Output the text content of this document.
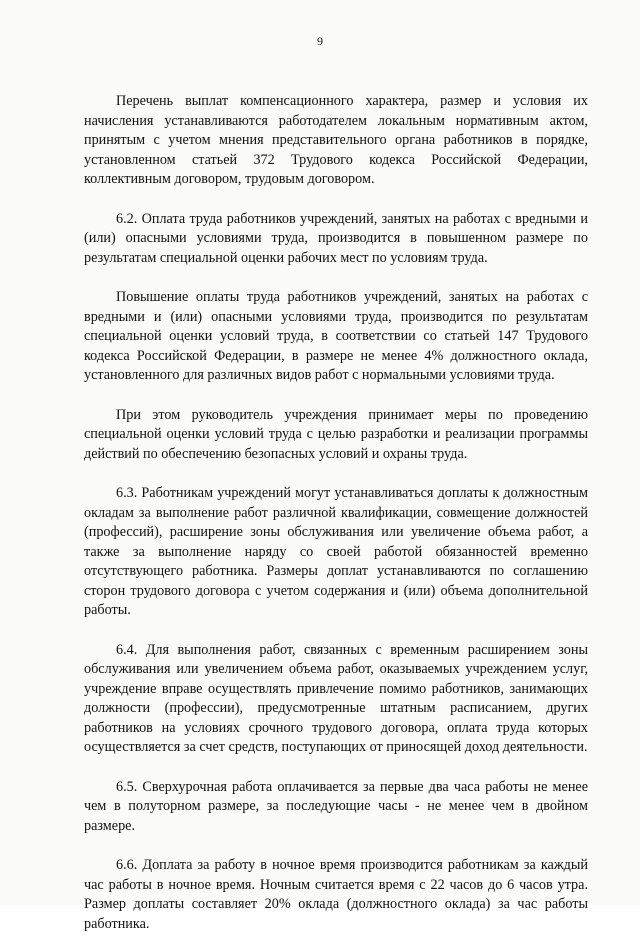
9

Перечень выплат компенсационного характера, размер и условия их начисления устанавливаются работодателем локальным нормативным актом, принятым с учетом мнения представительного органа работников в порядке, установленном статьей 372 Трудового кодекса Российской Федерации, коллективным договором, трудовым договором.

6.2. Оплата труда работников учреждений, занятых на работах с вредными и (или) опасными условиями труда, производится в повышенном размере по результатам специальной оценки рабочих мест по условиям труда.

Повышение оплаты труда работников учреждений, занятых на работах с вредными и (или) опасными условиями труда, производится по результатам специальной оценки условий труда, в соответствии со статьей 147 Трудового кодекса Российской Федерации, в размере не менее 4% должностного оклада, установленного для различных видов работ с нормальными условиями труда.

При этом руководитель учреждения принимает меры по проведению специальной оценки условий труда с целью разработки и реализации программы действий по обеспечению безопасных условий и охраны труда.

6.3. Работникам учреждений могут устанавливаться доплаты к должностным окладам за выполнение работ различной квалификации, совмещение должностей (профессий), расширение зоны обслуживания или увеличение объема работ, а также за выполнение наряду со своей работой обязанностей временно отсутствующего работника. Размеры доплат устанавливаются по соглашению сторон трудового договора с учетом содержания и (или) объема дополнительной работы.

6.4. Для выполнения работ, связанных с временным расширением зоны обслуживания или увеличением объема работ, оказываемых учреждением услуг, учреждение вправе осуществлять привлечение помимо работников, занимающих должности (профессии), предусмотренные штатным расписанием, других работников на условиях срочного трудового договора, оплата труда которых осуществляется за счет средств, поступающих от приносящей доход деятельности.

6.5. Сверхурочная работа оплачивается за первые два часа работы не менее чем в полуторном размере, за последующие часы - не менее чем в двойном размере.

6.6. Доплата за работу в ночное время производится работникам за каждый час работы в ночное время. Ночным считается время с 22 часов до 6 часов утра. Размер доплаты составляет 20% оклада (должностного оклада) за час работы работника.
